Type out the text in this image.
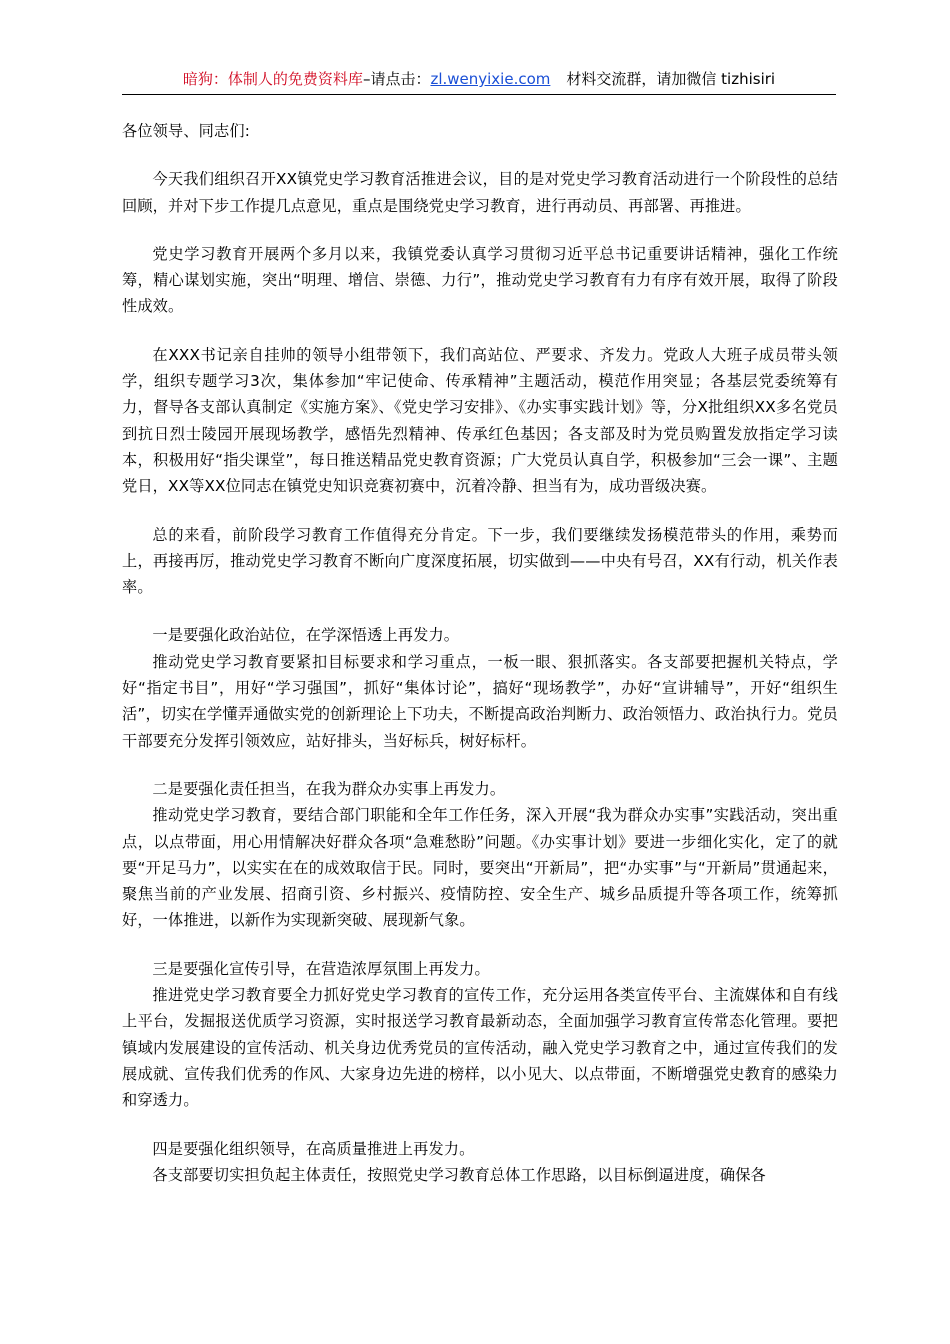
暗狗：体制人的免费资料库–请点击：zl.wenyixie.com 材料交流群，请加微信 tizhisiri

各位领导、同志们:

今天我们组织召开XX镇党史学习教育活推进会议，目的是对党史学习教育活动进行一个阶段性的总结回顾，并对下步工作提几点意见，重点是围绕党史学习教育，进行再动员、再部署、再推进。

党史学习教育开展两个多月以来，我镇党委认真学习贯彻习近平总书记重要讲话精神，强化工作统筹，精心谋划实施，突出“明理、增信、崇德、力行”，推动党史学习教育有力有序有效开展，取得了阶段性成效。

在XXX书记亲自挂帅的领导小组带领下，我们高站位、严要求、齐发力。党政人大班子成员带头领学，组织专题学习3次，集体参加“牢记使命、传承精神”主题活动，模范作用突显；各基层党委统筹有力，督导各支部认真制定《实施方案》、《党史学习安排》、《办实事实践计划》等，分X批组织XX多名党员到抗日烈士陵园开展现场教学，感悟先烈精神、传承红色基因；各支部及时为党员购置发放指定学习读本，积极用好“指尖课堂”，每日推送精品党史教育资源；广大党员认真自学，积极参加“三会一课”、主题党日，XX等XX位同志在镇党史知识竞赛初赛中，沉着冷静、担当有为，成功晋级决赛。

总的来看，前阶段学习教育工作值得充分肯定。下一步，我们要继续发扬模范带头的作用，乘势而上，再接再厉，推动党史学习教育不断向广度深度拓展，切实做到——中央有号召，XX有行动，机关作表率。

一是要强化政治站位，在学深悟透上再发力。

推动党史学习教育要紧扣目标要求和学习重点，一板一眼、狠抓落实。各支部要把握机关特点，学好“指定书目”，用好“学习强国”，抓好“集体讨论”，搞好“现场教学”，办好“宣讲辅导”，开好“组织生活”，切实在学懂弄通做实党的创新理论上下功夫，不断提高政治判断力、政治领悟力、政治执行力。党员干部要充分发挥引领效应，站好排头，当好标兵，树好标杆。

二是要强化责任担当，在我为群众办实事上再发力。

推动党史学习教育，要结合部门职能和全年工作任务，深入开展“我为群众办实事”实践活动，突出重点，以点带面，用心用情解决好群众各项“急难愁盼”问题。《办实事计划》要进一步细化实化，定了的就要“开足马力”，以实实在在的成效取信于民。同时，要突出“开新局”，把“办实事”与“开新局”贯通起来，聚焦当前的产业发展、招商引资、乡村振兴、疫情防控、安全生产、城乡品质提升等各项工作，统筹抓好，一体推进，以新作为实现新突破、展现新气象。

三是要强化宣传引导，在营造浓厚氛围上再发力。

推进党史学习教育要全力抓好党史学习教育的宣传工作，充分运用各类宣传平台、主流媒体和自有线上平台，发掘报送优质学习资源，实时报送学习教育最新动态，全面加强学习教育宣传常态化管理。要把镇域内发展建设的宣传活动、机关身边优秀党员的宣传活动，融入党史学习教育之中，通过宣传我们的发展成就、宣传我们优秀的作风、大家身边先进的榜样，以小见大、以点带面，不断增强党史教育的感染力和穿透力。

四是要强化组织领导，在高质量推进上再发力。

各支部要切实担负起主体责任，按照党史学习教育总体工作思路，以目标倒逼进度，确保各
